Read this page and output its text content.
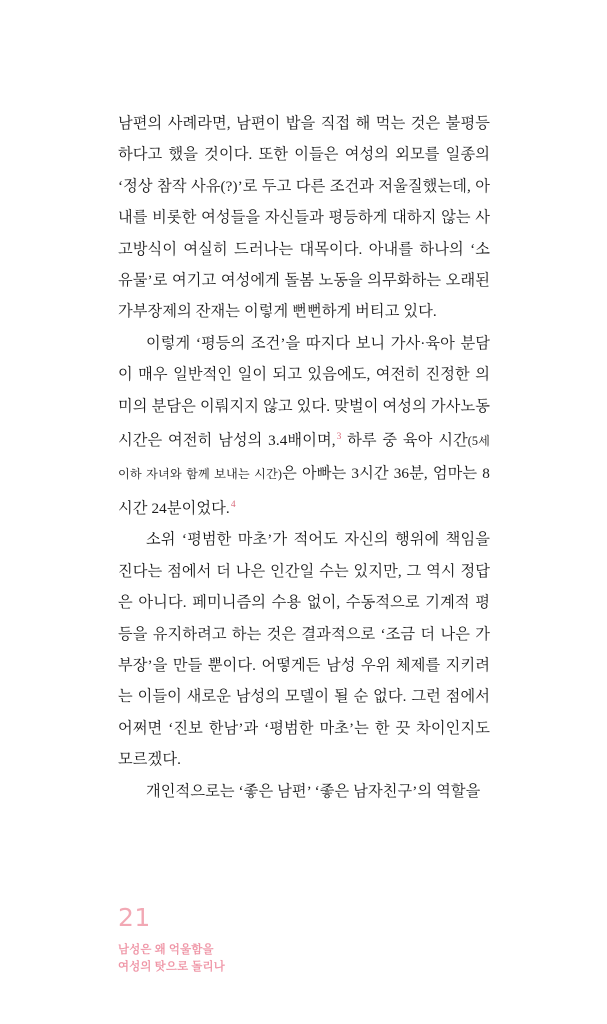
남편의 사례라면, 남편이 밥을 직접 해 먹는 것은 불평등하다고 했을 것이다. 또한 이들은 여성의 외모를 일종의 ‘정상 참작 사유(?)’로 두고 다른 조건과 저울질했는데, 아내를 비롯한 여성들을 자신들과 평등하게 대하지 않는 사고방식이 여실히 드러나는 대목이다. 아내를 하나의 ‘소유물’로 여기고 여성에게 돌봄 노동을 의무화하는 오래된 가부장제의 잔재는 이렇게 뻔뻔하게 버티고 있다.

이렇게 ‘평등의 조건’을 따지다 보니 가사·육아 분담이 매우 일반적인 일이 되고 있음에도, 여전히 진정한 의미의 분담은 이뤄지지 않고 있다. 맞벌이 여성의 가사노동 시간은 여전히 남성의 3.4배이며,$^3$ 하루 중 육아 시간(5세 이하 자녀와 함께 보내는 시간)은 아빠는 3시간 36분, 엄마는 8시간 24분이었다.$^4$

소위 ‘평범한 마초’가 적어도 자신의 행위에 책임을 진다는 점에서 더 나은 인간일 수는 있지만, 그 역시 정답은 아니다. 페미니즘의 수용 없이, 수동적으로 기계적 평등을 유지하려고 하는 것은 결과적으로 ‘조금 더 나은 가부장’을 만들 뿐이다. 어떻게든 남성 우위 체제를 지키려는 이들이 새로운 남성의 모델이 될 순 없다. 그런 점에서 어쩌면 ‘진보 한남’과 ‘평범한 마초’는 한 끗 차이인지도 모르겠다.

개인적으로는 ‘좋은 남편’ ‘좋은 남자친구’의 역할을

21
남성은 왜 억울함을
여성의 탓으로 돌리나
